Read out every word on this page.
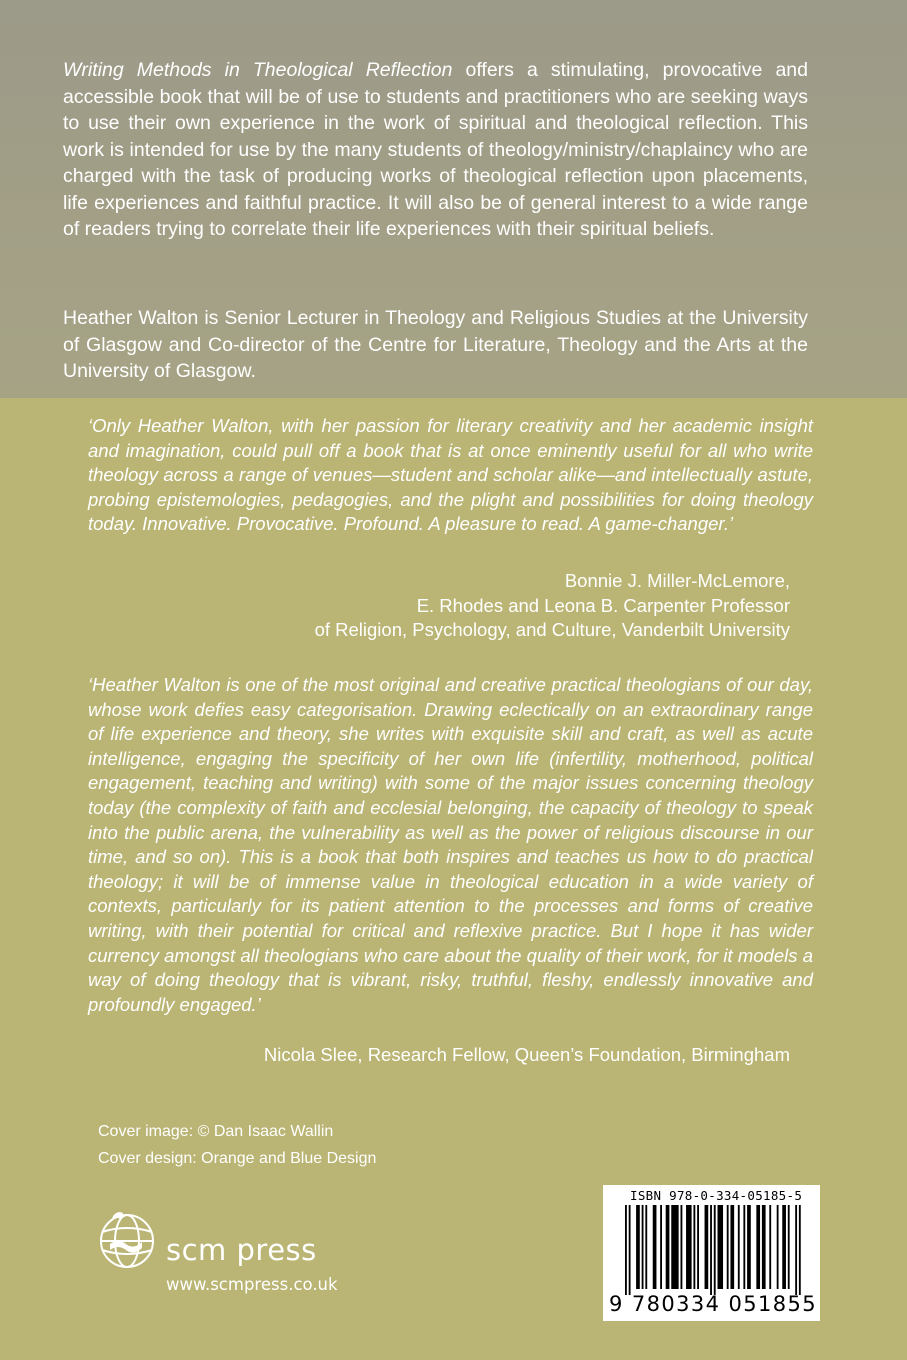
Writing Methods in Theological Reflection offers a stimulating, provocative and accessible book that will be of use to students and practitioners who are seeking ways to use their own experience in the work of spiritual and theological reflection. This work is intended for use by the many students of theology/ministry/chaplaincy who are charged with the task of producing works of theological reflection upon placements, life experiences and faithful practice. It will also be of general interest to a wide range of readers trying to correlate their life experiences with their spiritual beliefs.

Heather Walton is Senior Lecturer in Theology and Religious Studies at the University of Glasgow and Co-director of the Centre for Literature, Theology and the Arts at the University of Glasgow.

‘Only Heather Walton, with her passion for literary creativity and her academic insight and imagination, could pull off a book that is at once eminently useful for all who write theology across a range of venues—student and scholar alike—and intellectually astute, probing epistemologies, pedagogies, and the plight and possibilities for doing theology today. Innovative. Provocative. Profound. A pleasure to read. A game-changer.’

Bonnie J. Miller-McLemore,
E. Rhodes and Leona B. Carpenter Professor
of Religion, Psychology, and Culture, Vanderbilt University

‘Heather Walton is one of the most original and creative practical theologians of our day, whose work defies easy categorisation. Drawing eclectically on an extraordinary range of life experience and theory, she writes with exquisite skill and craft, as well as acute intelligence, engaging the specificity of her own life (infertility, motherhood, political engagement, teaching and writing) with some of the major issues concerning theology today (the complexity of faith and ecclesial belonging, the capacity of theology to speak into the public arena, the vulnerability as well as the power of religious discourse in our time, and so on). This is a book that both inspires and teaches us how to do practical theology; it will be of immense value in theological education in a wide variety of contexts, particularly for its patient attention to the processes and forms of creative writing, with their potential for critical and reflexive practice. But I hope it has wider currency amongst all theologians who care about the quality of their work, for it models a way of doing theology that is vibrant, risky, truthful, fleshy, endlessly innovative and profoundly engaged.’

Nicola Slee, Research Fellow, Queen’s Foundation, Birmingham

Cover image: © Dan Isaac Wallin

Cover design: Orange and Blue Design

scm press

www.scmpress.co.uk

ISBN 978-0-334-05185-5

9 780334 051855
